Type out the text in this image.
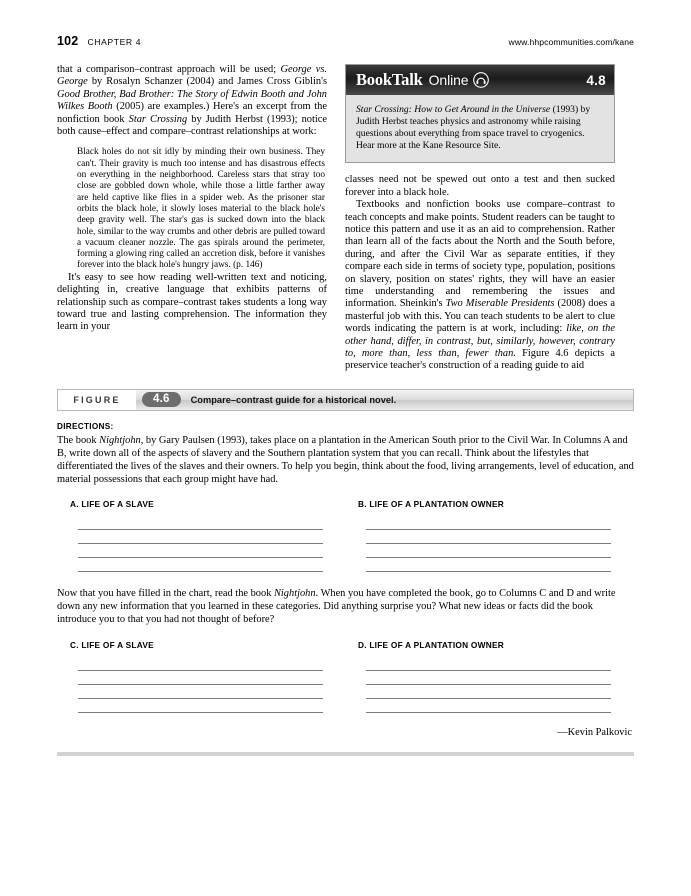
102 CHAPTER 4	www.hhpcommunities.com/kane

that a comparison–contrast approach will be used; George vs. George by Rosalyn Schanzer (2004) and James Cross Giblin's Good Brother, Bad Brother: The Story of Edwin Booth and John Wilkes Booth (2005) are examples.) Here's an excerpt from the nonfiction book Star Crossing by Judith Herbst (1993); notice both cause–effect and compare–contrast relationships at work:

Black holes do not sit idly by minding their own business. They can't. Their gravity is much too intense and has disastrous effects on everything in the neighborhood. Careless stars that stray too close are gobbled down whole, while those a little farther away are held captive like flies in a spider web. As the prisoner star orbits the black hole, it slowly loses material to the black hole's deep gravity well. The star's gas is sucked down into the black hole, similar to the way crumbs and other debris are pulled toward a vacuum cleaner nozzle. The gas spirals around the perimeter, forming a glowing ring called an accretion disk, before it vanishes forever into the black hole's hungry jaws. (p. 146)

It's easy to see how reading well-written text and noticing, delighting in, creative language that exhibits patterns of relationship such as compare–contrast takes students a long way toward true and lasting comprehension. The information they learn in your

BookTalk Online	4.8
Star Crossing: How to Get Around in the Universe (1993) by Judith Herbst teaches physics and astronomy while raising questions about everything from space travel to cryogenics. Hear more at the Kane Resource Site.

classes need not be spewed out onto a test and then sucked forever into a black hole.

Textbooks and nonfiction books use compare–contrast to teach concepts and make points. Student readers can be taught to notice this pattern and use it as an aid to comprehension. Rather than learn all of the facts about the North and the South before, during, and after the Civil War as separate entities, if they compare each side in terms of society type, population, positions on slavery, position on states' rights, they will have an easier time understanding and remembering the issues and information. Sheinkin's Two Miserable Presidents (2008) does a masterful job with this. You can teach students to be alert to clue words indicating the pattern is at work, including: like, on the other hand, differ, in contrast, but, similarly, however, contrary to, more than, less than, fewer than. Figure 4.6 depicts a preservice teacher's construction of a reading guide to aid

FIGURE	4.6	Compare–contrast guide for a historical novel.
DIRECTIONS:
The book Nightjohn, by Gary Paulsen (1993), takes place on a plantation in the American South prior to the Civil War. In Columns A and B, write down all of the aspects of slavery and the Southern plantation system that you can recall. Think about the lifestyles that differentiated the lives of the slaves and their owners. To help you begin, think about the food, living arrangements, level of education, and material possessions that each group might have had.
A. LIFE OF A SLAVE	B. LIFE OF A PLANTATION OWNER
Now that you have filled in the chart, read the book Nightjohn. When you have completed the book, go to Columns C and D and write down any new information that you learned in these categories. Did anything surprise you? What new ideas or facts did the book introduce you to that you had not thought of before?
C. LIFE OF A SLAVE	D. LIFE OF A PLANTATION OWNER
—Kevin Palkovic
